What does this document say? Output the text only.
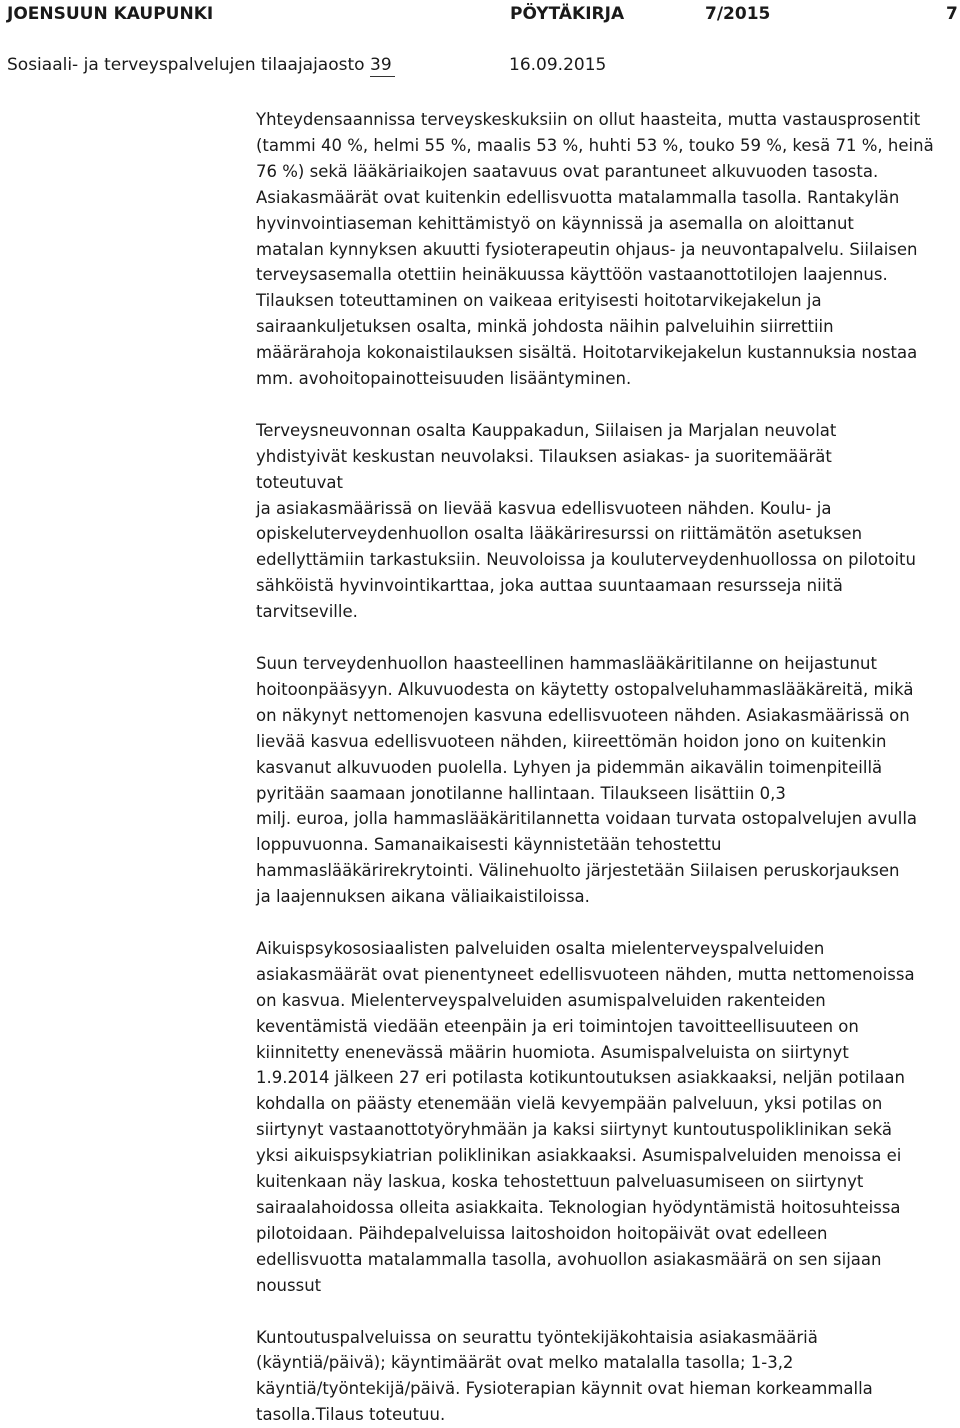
JOENSUUN KAUPUNKI	PÖYTÄKIRJA	7/2015	7
Sosiaali- ja terveyspalvelujen tilaajajaosto 39	16.09.2015

Yhteydensaannissa terveyskeskuksiin on ollut haasteita, mutta vastausprosentit
(tammi 40 %, helmi 55 %, maalis 53 %, huhti 53 %, touko 59 %, kesä 71 %, heinä
76 %) sekä lääkäriaikojen saatavuus ovat parantuneet alkuvuoden tasosta.
Asiakasmäärät ovat kuitenkin edellisvuotta matalammalla tasolla. Rantakylän
hyvinvointiaseman kehittämistyö on käynnissä ja asemalla on aloittanut
matalan kynnyksen akuutti fysioterapeutin ohjaus- ja neuvontapalvelu. Siilaisen
terveysasemalla otettiin heinäkuussa käyttöön vastaanottotilojen laajennus.
Tilauksen toteuttaminen on vaikeaa erityisesti hoitotarvikejakelun ja
sairaankuljetuksen osalta, minkä johdosta näihin palveluihin siirrettiin
määrärahoja kokonaistilauksen sisältä. Hoitotarvikejakelun kustannuksia nostaa
mm. avohoitopainotteisuuden lisääntyminen.

Terveysneuvonnan osalta Kauppakadun, Siilaisen ja Marjalan neuvolat
yhdistyivät keskustan neuvolaksi. Tilauksen asiakas- ja suoritemäärät
toteutuvat
ja asiakasmäärissä on lievää kasvua edellisvuoteen nähden. Koulu- ja
opiskeluterveydenhuollon osalta lääkäriresurssi on riittämätön asetuksen
edellyttämiin tarkastuksiin. Neuvoloissa ja kouluterveydenhuollossa on pilotoitu
sähköistä hyvinvointikarttaa, joka auttaa suuntaamaan resursseja niitä
tarvitseville.

Suun terveydenhuollon haasteellinen hammaslääkäritilanne on heijastunut
hoitoonpääsyyn. Alkuvuodesta on käytetty ostopalveluhammaslääkäreitä, mikä
on näkynyt nettomenojen kasvuna edellisvuoteen nähden. Asiakasmäärissä on
lievää kasvua edellisvuoteen nähden, kiireettömän hoidon jono on kuitenkin
kasvanut alkuvuoden puolella. Lyhyen ja pidemmän aikavälin toimenpiteillä
pyritään saamaan jonotilanne hallintaan. Tilaukseen lisättiin 0,3
milj. euroa, jolla hammaslääkäritilannetta voidaan turvata ostopalvelujen avulla
loppuvuonna. Samanaikaisesti käynnistetään tehostettu
hammaslääkärirekrytointi. Välinehuolto järjestetään Siilaisen peruskorjauksen
ja laajennuksen aikana väliaikaistiloissa.

Aikuispsykososiaalisten palveluiden osalta mielenterveyspalveluiden
asiakasmäärät ovat pienentyneet edellisvuoteen nähden, mutta nettomenoissa
on kasvua. Mielenterveyspalveluiden asumispalveluiden rakenteiden
keventämistä viedään eteenpäin ja eri toimintojen tavoitteellisuuteen on
kiinnitetty enenevässä määrin huomiota. Asumispalveluista on siirtynyt
1.9.2014 jälkeen 27 eri potilasta kotikuntoutuksen asiakkaaksi, neljän potilaan
kohdalla on päästy etenemään vielä kevyempään palveluun, yksi potilas on
siirtynyt vastaanottotyöryhmään ja kaksi siirtynyt kuntoutuspoliklinikan sekä
yksi aikuispsykiatrian poliklinikan asiakkaaksi. Asumispalveluiden menoissa ei
kuitenkaan näy laskua, koska tehostettuun palveluasumiseen on siirtynyt
sairaalahoidossa olleita asiakkaita. Teknologian hyödyntämistä hoitosuhteissa
pilotoidaan. Päihdepalveluissa laitoshoidon hoitopäivät ovat edelleen
edellisvuotta matalammalla tasolla, avohuollon asiakasmäärä on sen sijaan
noussut

Kuntoutuspalveluissa on seurattu työntekijäkohtaisia asiakasmääriä
(käyntiä/päivä); käyntimäärät ovat melko matalalla tasolla; 1-3,2
käyntiä/työntekijä/päivä. Fysioterapian käynnit ovat hieman korkeammalla
tasolla.Tilaus toteutuu.
